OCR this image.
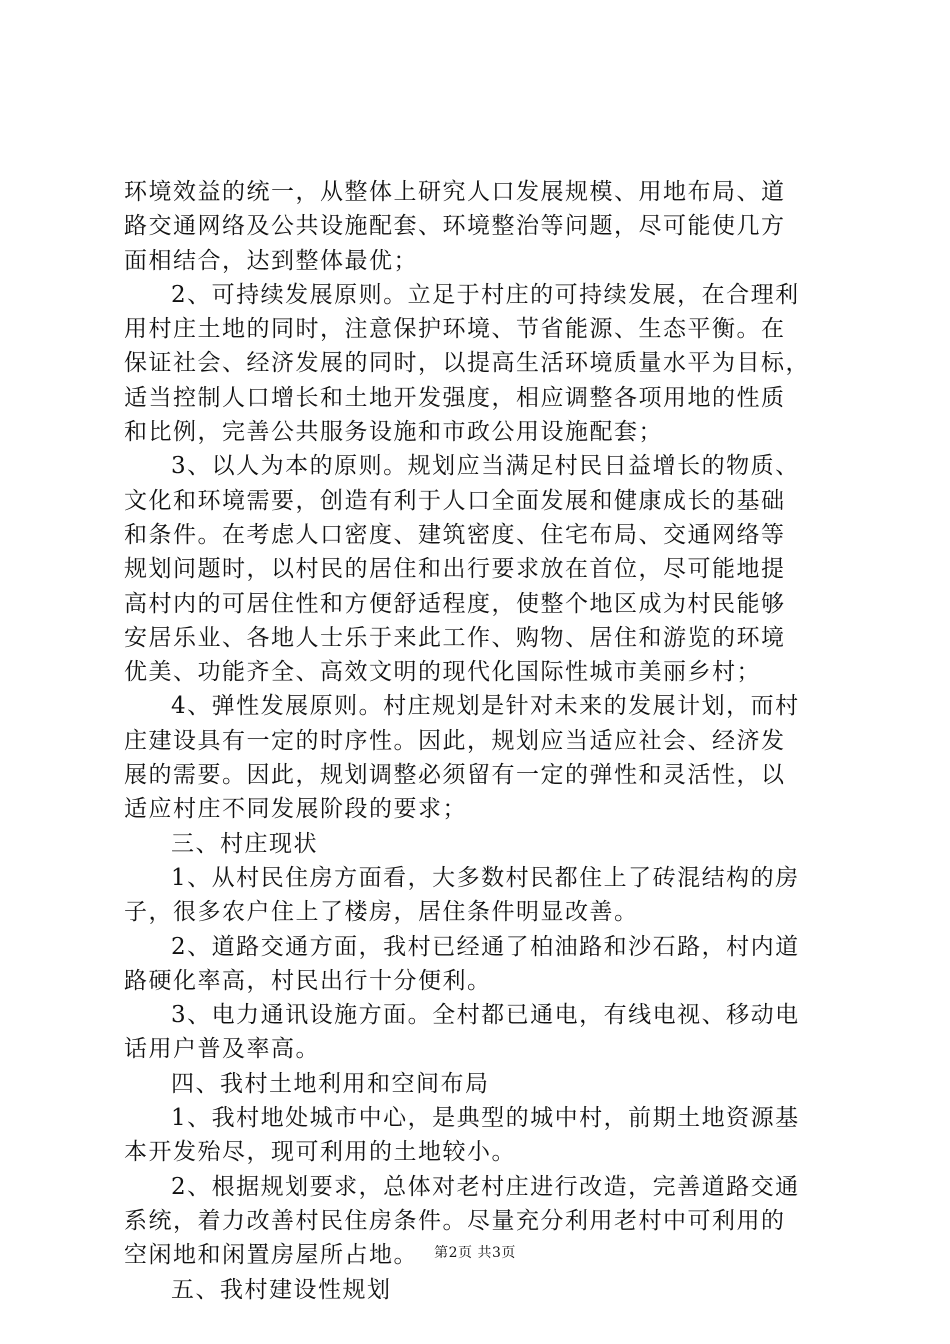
环境效益的统一，从整体上研究人口发展规模、用地布局、道
路交通网络及公共设施配套、环境整治等问题，尽可能使几方
面相结合，达到整体最优；
2、可持续发展原则。立足于村庄的可持续发展，在合理利
用村庄土地的同时，注意保护环境、节省能源、生态平衡。在
保证社会、经济发展的同时，以提高生活环境质量水平为目标，
适当控制人口增长和土地开发强度，相应调整各项用地的性质
和比例，完善公共服务设施和市政公用设施配套；
3、以人为本的原则。规划应当满足村民日益增长的物质、
文化和环境需要，创造有利于人口全面发展和健康成长的基础
和条件。在考虑人口密度、建筑密度、住宅布局、交通网络等
规划问题时，以村民的居住和出行要求放在首位，尽可能地提
高村内的可居住性和方便舒适程度，使整个地区成为村民能够
安居乐业、各地人士乐于来此工作、购物、居住和游览的环境
优美、功能齐全、高效文明的现代化国际性城市美丽乡村；
4、弹性发展原则。村庄规划是针对未来的发展计划，而村
庄建设具有一定的时序性。因此，规划应当适应社会、经济发
展的需要。因此，规划调整必须留有一定的弹性和灵活性，以
适应村庄不同发展阶段的要求；
三、村庄现状
1、从村民住房方面看，大多数村民都住上了砖混结构的房
子，很多农户住上了楼房，居住条件明显改善。
2、道路交通方面，我村已经通了柏油路和沙石路，村内道
路硬化率高，村民出行十分便利。
3、电力通讯设施方面。全村都已通电，有线电视、移动电
话用户普及率高。
四、我村土地利用和空间布局
1、我村地处城市中心，是典型的城中村，前期土地资源基
本开发殆尽，现可利用的土地较小。
2、根据规划要求，总体对老村庄进行改造，完善道路交通
系统，着力改善村民住房条件。尽量充分利用老村中可利用的
空闲地和闲置房屋所占地。
五、我村建设性规划
第2页 共3页
